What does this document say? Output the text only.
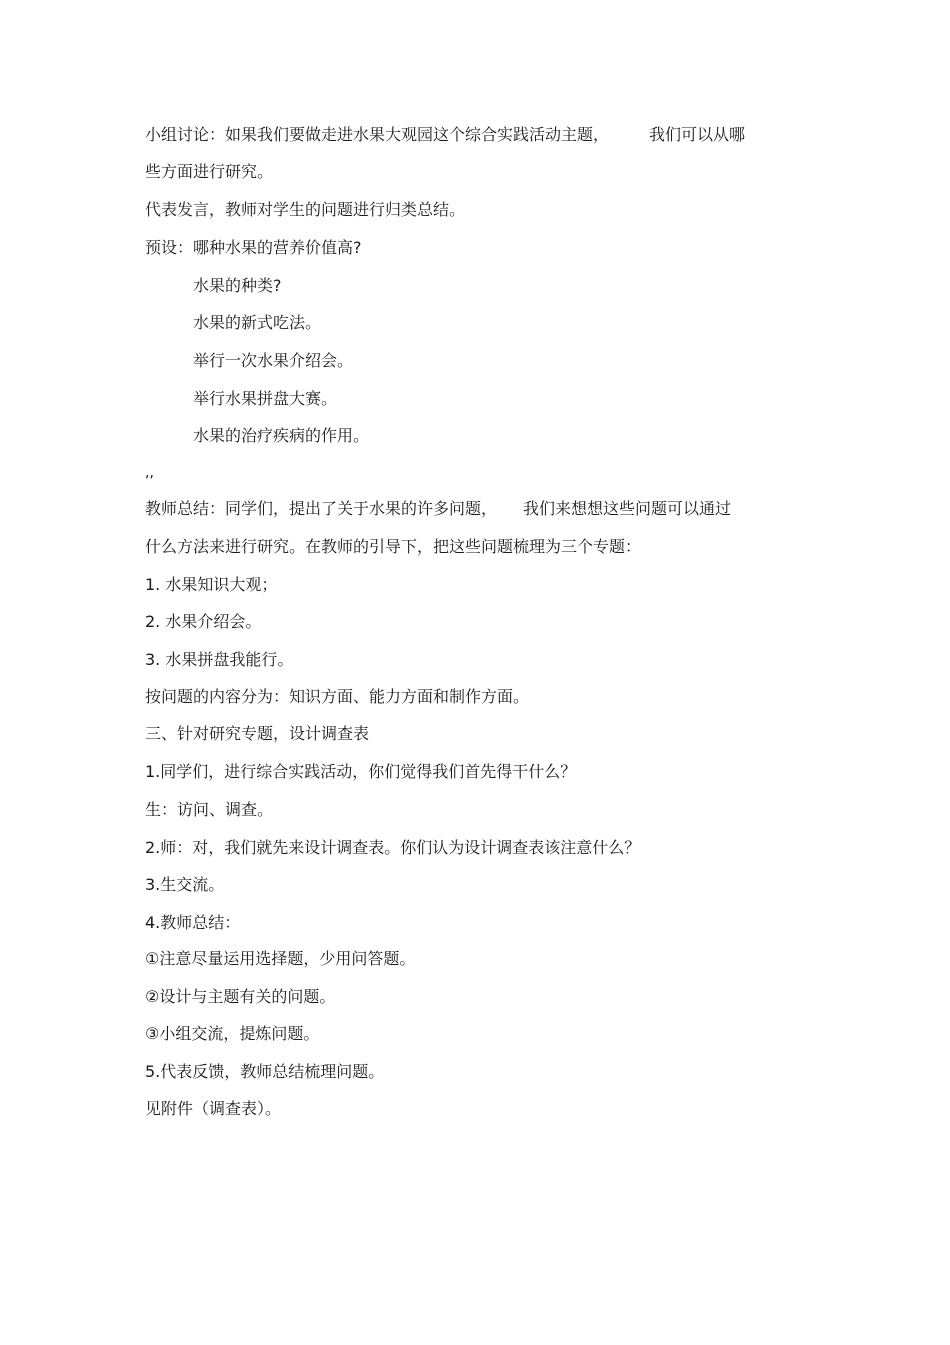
小组讨论：如果我们要做走进水果大观园这个综合实践活动主题，	我们可以从哪
些方面进行研究。
代表发言，教师对学生的问题进行归类总结。
预设：哪种水果的营养价值高?
水果的种类?
水果的新式吃法。
举行一次水果介绍会。
举行水果拼盘大赛。
水果的治疗疾病的作用。
,,
教师总结：同学们，提出了关于水果的许多问题， 我们来想想这些问题可以通过
什么方法来进行研究。在教师的引导下，把这些问题梳理为三个专题：
1. 水果知识大观；
2. 水果介绍会。
3. 水果拼盘我能行。
按问题的内容分为：知识方面、能力方面和制作方面。
三、针对研究专题，设计调查表
1.同学们，进行综合实践活动，你们觉得我们首先得干什么？
生：访问、调查。
2.师：对，我们就先来设计调查表。你们认为设计调查表该注意什么？
3.生交流。
4.教师总结：
①注意尽量运用选择题，少用问答题。
②设计与主题有关的问题。
③小组交流，提炼问题。
5.代表反馈，教师总结梳理问题。
见附件（调查表）。
